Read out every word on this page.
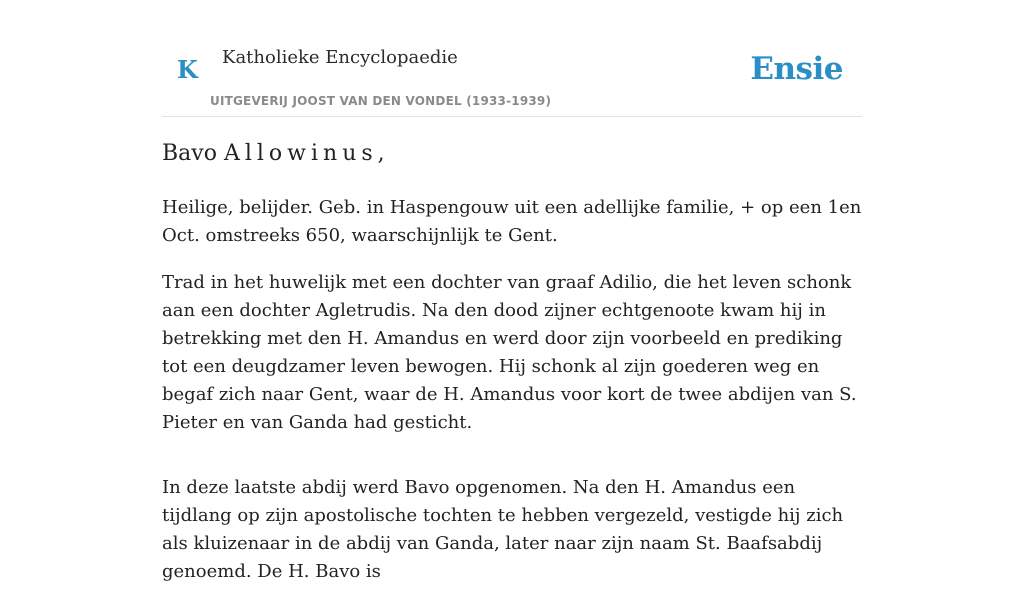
K Katholieke Encyclopaedie
UITGEVERIJ JOOST VAN DEN VONDEL (1933-1939)
Ensie
Bavo Allowinus,

Heilige, belijder. Geb. in Haspengouw uit een adellijke familie, + op een 1en Oct. omstreeks 650, waarschijnlijk te Gent.

Trad in het huwelijk met een dochter van graaf Adilio, die het leven schonk aan een dochter Agletrudis. Na den dood zijner echtgenoote kwam hij in betrekking met den H. Amandus en werd door zijn voorbeeld en prediking tot een deugdzamer leven bewogen. Hij schonk al zijn goederen weg en begaf zich naar Gent, waar de H. Amandus voor kort de twee abdijen van S. Pieter en van Ganda had gesticht.

In deze laatste abdij werd Bavo opgenomen. Na den H. Amandus een tijdlang op zijn apostolische tochten te hebben vergezeld, vestigde hij zich als kluizenaar in de abdij van Ganda, later naar zijn naam St. Baafsabdij genoemd. De H. Bavo is
